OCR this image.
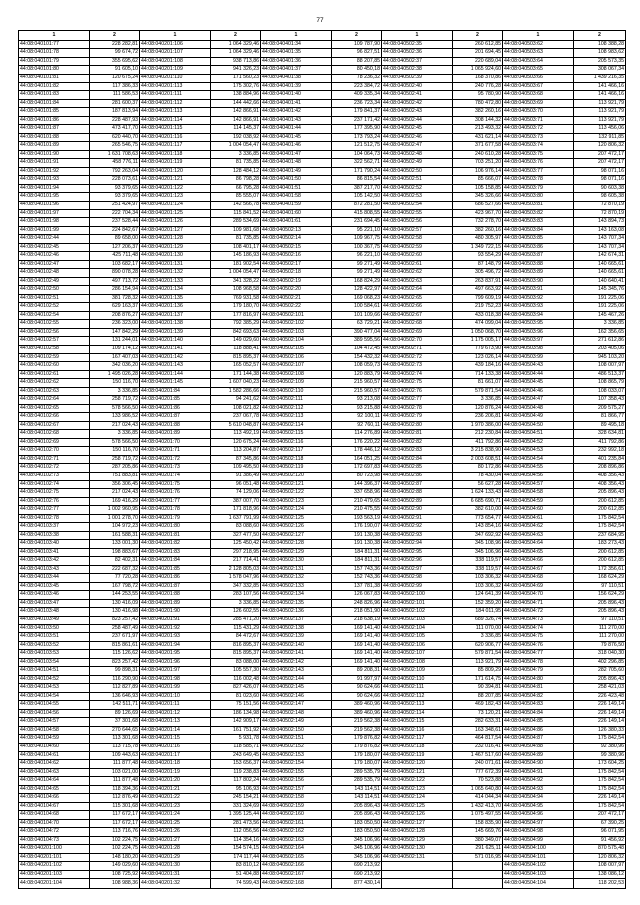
77
1	2	1	2	1	2	1	2	1	2
44:08:040101:77	228 282,81	44:08:040201:106	1 064 329,46	44:08:040401:34	109 787,90	44:08:040502:35	260 612,85	44:08:040503:62	108 388,28
44:08:040101:78	99 674,72	44:08:040201:107	1 064 329,46	44:08:040401:35	96 827,51	44:08:040502:36	201 694,45	44:08:040503:63	108 983,62
44:08:040101:79	355 695,62	44:08:040201:108	938 713,86	44:08:040401:36	88 207,85	44:08:040502:37	220 689,04	44:08:040503:64	205 573,35
44:08:040101:80	91 605,10	44:08:040201:109	941 326,23	44:08:040401:37	80 450,18	44:08:040502:38	1 065 924,60	44:08:040503:65	308 067,34
44:08:040101:81	120 675,24	44:08:040201:110	171 560,23	44:08:040401:38	78 236,32	44:08:040502:39	168 370,86	44:08:040503:66	1 439 216,35
44:08:040101:82	117 386,33	44:08:040201:113	175 302,76	44:08:040401:39	223 384,72	44:08:040502:40	240 776,28	44:08:040503:67	141 466,16
44:08:040101:83	111 586,53	44:08:040201:111	138 884,96	44:08:040401:40	409 335,34	44:08:040502:41	95 780,90	44:08:040503:68	141 466,16
44:08:040101:84	281 600,37	44:08:040201:112	144 442,66	44:08:040401:41	236 723,34	44:08:040502:42	780 472,80	44:08:040503:69	113 921,79
44:08:040101:85	187 813,94	44:08:040201:113	142 866,91	44:08:040401:42	179 841,37	44:08:040502:43	382 260,16	44:08:040503:70	113 921,79
44:08:040101:86	228 487,93	44:08:040201:114	142 866,91	44:08:040401:43	237 171,42	44:08:040502:44	308 144,32	44:08:040503:71	113 921,79
44:08:040101:87	473 417,70	44:08:040201:115	114 145,37	44:08:040401:44	177 395,90	44:08:040502:45	213 493,32	44:08:040503:72	113 456,06
44:08:040101:88	620 440,70	44:08:040201:116	192 038,92	44:08:040401:45	173 793,24	44:08:040502:46	431 621,14	44:08:040503:73	132 911,85
44:08:040101:89	265 546,75	44:08:040201:117	1 004 054,47	44:08:040401:46	121 512,75	44:08:040502:47	371 677,58	44:08:040503:74	120 806,32
44:08:040101:90	1 631 708,63	44:08:040201:118	3 336,85	44:08:040401:47	104 064,73	44:08:040502:48	240 610,28	44:08:040503:75	207 472,17
44:08:040101:91	458 776,11	44:08:040201:119	81 735,85	44:08:040401:48	322 562,71	44:08:040502:49	703 251,20	44:08:040503:76	207 472,17
44:08:040101:92	792 263,04	44:08:040201:120	128 484,12	44:08:040401:49	171 790,24	44:08:040502:50	106 976,14	44:08:040503:77	98 071,16
44:08:040101:93	228 073,61	44:08:040201:121	86 798,28	44:08:040401:50	86 815,54	44:08:040502:51	85 666,07	44:08:040503:78	98 071,16
44:08:040101:94	93 379,65	44:08:040201:122	66 795,28	44:08:040401:51	387 217,70	44:08:040502:52	105 158,85	44:08:040503:79	90 603,38
44:08:040101:95	93 379,65	44:08:040201:123	85 555,07	44:08:040401:58	105 142,50	44:08:040502:53	345 326,66	44:08:040503:80	98 605,38
44:08:040101:96	251 424,97	44:08:040201:124	142 566,78	44:08:040401:59	872 281,50	44:08:040502:54	686 527,66	44:08:040503:81	72 870,19
44:08:040101:97	222 704,34	44:08:040201:125	115 841,52	44:08:040401:60	415 808,55	44:08:040502:55	423 967,70	44:08:040503:82	72 870,19
44:08:040101:98	237 528,44	44:08:040201:126	289 534,69	44:08:040401:61	231 694,45	44:08:040502:56	732 278,70	44:08:040503:83	143 894,73
44:08:040101:99	224 842,67	44:08:040201:127	109 981,68	44:08:040502:13	95 221,10	44:08:040502:57	382 260,16	44:08:040503:84	143 163,08
44:08:040102:44	89 658,00	44:08:040201:128	81 735,85	44:08:040502:14	109 967,75	44:08:040502:58	480 305,97	44:08:040503:85	143 707,34
44:08:040102:45	127 206,37	44:08:040201:129	108 401,17	44:08:040502:15	100 367,75	44:08:040502:59	1 349 722,15	44:08:040503:86	143 707,34
44:08:040102:46	425 711,48	44:08:040201:130	145 186,93	44:08:040502:16	96 221,10	44:08:040502:60	93 554,29	44:08:040503:87	142 674,31
44:08:040102:47	103 682,17	44:08:040201:131	181 902,54	44:08:040502:17	99 271,49	44:08:040502:61	87 148,79	44:08:040503:88	140 665,61
44:08:040102:48	890 078,28	44:08:040201:132	1 004 054,47	44:08:040502:18	99 271,49	44:08:040502:62	305 496,72	44:08:040503:89	140 665,61
44:08:040102:49	497 713,72	44:08:040201:133	341 328,22	44:08:040502:19	168 824,29	44:08:040502:63	263 837,91	44:08:040503:90	140 640,41
44:08:040102:50	286 154,94	44:08:040201:134	108 968,58	44:08:040502:20	128 422,97	44:08:040502:64	497 663,92	44:08:040503:91	145 345,76
44:08:040102:51	381 728,32	44:08:040201:135	769 931,58	44:08:040502:21	169 068,23	44:08:040502:65	799 609,19	44:08:040503:92	191 225,06
44:08:040102:52	629 163,37	44:08:040201:136	179 180,70	44:08:040502:22	100 584,61	44:08:040502:66	219 752,23	44:08:040503:93	191 225,06
44:08:040102:54	208 876,27	44:08:040201:137	177 816,97	44:08:040502:101	101 109,66	44:08:040502:67	433 018,38	44:08:040503:94	145 467,26
44:08:040102:55	236 323,00	44:08:040201:138	792 385,29	44:08:040502:102	63 729,21	44:08:040502:68	474 099,04	44:08:040503:95	3 336,85
44:08:040102:56	147 842,29	44:08:040201:139	842 693,63	44:08:040502:103	390 477,04	44:08:040502:69	1 050 068,70	44:08:040503:96	162 356,65
44:08:040102:57	131 244,01	44:08:040201:140	149 029,60	44:08:040502:104	389 595,56	44:08:040502:70	1 175 005,17	44:08:040503:97	271 612,86
44:08:040102:58	109 174,12	44:08:040201:141	118 888,41	44:08:040502:105	104 472,45	44:08:040502:71	779 673,90	44:08:040503:98	203 405,06
44:08:040102:59	167 407,03	44:08:040201:142	815 895,37	44:08:040502:106	154 432,32	44:08:040502:72	123 026,14	44:08:040503:99	945 103,20
44:08:040102:60	342 036,20	44:08:040201:143	165 052,57	44:08:040502:107	108 059,73	44:08:040502:73	439 184,16	44:08:040504:43	108 007,97
44:08:040102:61	1 495 026,28	44:08:040201:144	171 144,38	44:08:040502:108	120 883,79	44:08:040502:74	714 133,38	44:08:040504:44	486 513,37
44:08:040102:62	150 116,70	44:08:040201:145	1 607 040,23	44:08:040502:109	215 960,57	44:08:040502:75	81 661,07	44:08:040504:45	108 865,79
44:08:040102:63	3 336,85	44:08:040201:84	1 582 286,66	44:08:040502:110	215 960,57	44:08:040502:76	579 871,54	44:08:040504:46	108 033,07
44:08:040102:64	258 719,72	44:08:040201:85	94 241,62	44:08:040502:111	93 213,08	44:08:040502:77	3 336,85	44:08:040504:47	107 358,43
44:08:040102:65	578 566,50	44:08:040201:86	108 021,82	44:08:040502:112	93 215,88	44:08:040502:78	120 876,24	44:08:040504:48	209 575,27
44:08:040102:66	133 986,52	44:08:040201:87	237 067,78	44:08:040502:113	92 100,11	44:08:040502:79	236 206,81	44:08:040504:49	81 866,77
44:08:040102:67	217 024,43	44:08:040201:88	5 610 048,87	44:08:040502:114	92 760,11	44:08:040502:80	1 970 386,00	44:08:040504:50	89 495,18
44:08:040102:68	3 336,85	44:08:040201:89	113 492,19	44:08:040502:115	114 276,89	44:08:040502:81	212 230,84	44:08:040504:51	328 634,81
44:08:040102:69	578 566,50	44:08:040201:70	120 675,24	44:08:040502:116	176 220,22	44:08:040502:82	411 792,86	44:08:040504:52	411 792,86
44:08:040102:70	150 116,70	44:08:040201:71	113 204,87	44:08:040502:117	178 446,12	44:08:040502:83	3 215 838,90	44:08:040504:53	232 992,18
44:08:040102:71	258 719,72	44:08:040201:72	87 345,86	44:08:040502:118	164 051,25	44:08:040502:84	2 003 608,51	44:08:040504:54	401 235,84
44:08:040102:72	287 205,86	44:08:040201:73	109 495,50	44:08:040502:119	172 697,83	44:08:040502:85	80 172,86	44:08:040504:55	208 896,86
44:08:040102:73	751 883,81	44:08:040201:74	91 386,49	44:08:040502:120	80 723,98	44:08:040502:86	78 430,04	44:08:040504:56	408 356,43
44:08:040102:74	356 306,45	44:08:040201:75	96 051,48	44:08:040502:121	144 396,37	44:08:040502:87	56 627,28	44:08:040504:57	408 356,43
44:08:040102:75	217 024,43	44:08:040201:76	74 129,06	44:08:040502:122	337 658,96	44:08:040502:88	1 624 133,43	44:08:040504:58	205 896,43
44:08:040102:76	169 416,29	44:08:040201:77	387 007,70	44:08:040502:123	210 479,65	44:08:040502:89	6 685 690,71	44:08:040504:59	200 612,85
44:08:040102:77	1 002 960,95	44:08:040201:78	171 818,96	44:08:040502:124	210 475,55	44:08:040502:90	382 610,00	44:08:040504:60	200 612,85
44:08:040102:78	1 001 278,70	44:08:040201:79	1 637 791,99	44:08:040502:125	193 563,19	44:08:040502:91	773 654,77	44:08:040504:61	175 842,54
44:08:040103:37	104 972,23	44:08:040201:80	83 088,60	44:08:040502:126	176 190,07	44:08:040502:92	143 854,16	44:08:040504:62	175 842,54
44:08:040103:38	161 588,31	44:08:040201:81	327 477,50	44:08:040502:127	191 130,38	44:08:040502:93	347 692,92	44:08:040504:63	237 684,95
44:08:040103:40	133 001,30	44:08:040201:82	125 450,42	44:08:040502:128	191 130,38	44:08:040502:94	345 108,96	44:08:040504:64	183 273,43
44:08:040103:41	198 883,67	44:08:040201:83	297 218,95	44:08:040502:129	184 811,31	44:08:040502:95	345 106,96	44:08:040504:65	200 612,85
44:08:040103:42	82 402,31	44:08:040201:84	217 714,41	44:08:040502:130	184 811,31	44:08:040502:96	338 119,57	44:08:040504:66	200 612,85
44:08:040103:43	222 687,32	44:08:040201:85	2 128 805,03	44:08:040502:131	157 743,36	44:08:040502:97	338 119,57	44:08:040504:67	172 356,61
44:08:040103:44	77 720,28	44:08:040201:86	1 578 047,96	44:08:040502:132	152 743,36	44:08:040502:98	103 306,32	44:08:040504:68	168 624,29
44:08:040103:45	167 798,72	44:08:040201:87	347 332,85	44:08:040502:133	137 781,38	44:08:040502:99	103 306,32	44:08:040504:69	97 110,51
44:08:040103:46	144 253,55	44:08:040201:88	283 107,56	44:08:040502:134	126 067,83	44:08:040502:100	124 641,39	44:08:040504:70	156 624,29
44:08:040103:47	130 416,09	44:08:040201:89	3 336,85	44:08:040502:135	248 826,96	44:08:040502:101	152 359,20	44:08:040504:71	205 896,43
44:08:040103:48	130 416,98	44:08:040201:90	126 602,55	44:08:040502:136	218 051,90	44:08:040502:102	184 011,95	44:08:040504:72	205 896,43
44:08:040103:49	823 257,42	44:08:040201:91	285 471,20	44:08:040502:137	218 638,19	44:08:040502:103	689 326,74	44:08:040504:73	97 110,51
44:08:040103:50	258 487,49	44:08:040201:92	115 431,29	44:08:040502:138	169 141,40	44:08:040502:104	111 070,00	44:08:040504:74	111 270,00
44:08:040103:51	237 671,97	44:08:040201:93	84 472,67	44:08:040502:139	169 141,40	44:08:040502:105	3 336,85	44:08:040504:75	111 270,00
44:08:040103:52	815 861,61	44:08:040201:94	816 895,37	44:08:040502:140	169 141,40	44:08:040502:106	620 906,77	44:08:040504:76	79 876,50
44:08:040103:53	115 126,62	44:08:040201:95	815 895,37	44:08:040502:141	169 141,40	44:08:040502:107	579 871,54	44:08:040504:77	318 040,30
44:08:040103:54	823 257,42	44:08:040201:96	83 088,00	44:08:040502:142	169 141,40	44:08:040502:108	113 921,79	44:08:040504:78	402 296,85
44:08:040104:51	99 898,31	44:08:040201:97	105 557,30	44:08:040502:143	89 208,31	44:08:040502:109	85 809,29	44:08:040504:79	282 705,60
44:08:040104:52	116 290,90	44:08:040201:98	116 002,48	44:08:040502:144	91 997,97	44:08:040502:110	171 614,75	44:08:040504:80	205 896,43
44:08:040104:53	112 827,89	44:08:040201:99	827 426,07	44:08:040502:145	90 624,66	44:08:040502:111	90 394,81	44:08:040504:81	258 421,03
44:08:040104:54	136 646,93	44:08:040201:10	81 023,60	44:08:040502:146	90 624,66	44:08:040502:112	88 207,85	44:08:040504:82	226 423,48
44:08:040104:55	142 511,71	44:08:040201:11	75 151,56	44:08:040502:147	389 460,96	44:08:040502:113	469 182,43	44:08:040504:83	226 149,14
44:08:040104:56	89 126,69	44:08:040201:12	186 134,98	44:08:040502:148	389 460,96	44:08:040502:114	73 120,21	44:08:040504:84	226 149,14
44:08:040104:57	37 301,68	44:08:040201:13	142 909,17	44:08:040502:149	219 562,38	44:08:040502:115	282 633,31	44:08:040504:85	226 149,14
44:08:040104:58	270 644,65	44:08:040201:14	161 751,92	44:08:040502:150	219 562,38	44:08:040502:116	163 348,61	44:08:040504:86	126 380,33
44:08:040104:59	113 301,68	44:08:040201:15	5 931,78	44:08:040502:151	179 876,82	44:08:040502:117	464 817,54	44:08:040504:87	175 842,54
44:08:040104:60	113 715,78	44:08:040201:16	118 585,71	44:08:040502:152	179 876,82	44:08:040502:118	232 016,41	44:08:040504:88	92 380,96
44:08:040104:61	109 443,63	44:08:040201:17	243 649,45	44:08:040502:153	179 180,07	44:08:040502:119	1 467 517,60	44:08:040504:89	99 380,96
44:08:040104:62	111 877,48	44:08:040201:18	153 656,37	44:08:040502:154	179 180,07	44:08:040502:120	240 071,61	44:08:040504:90	173 604,25
44:08:040104:63	103 021,00	44:08:040201:19	119 238,83	44:08:040502:155	289 535,79	44:08:040502:121	777 672,39	44:08:040504:91	175 842,54
44:08:040104:64	111 877,48	44:08:040201:20	117 802,24	44:08:040502:156	289 535,79	44:08:040502:122	70 523,88	44:08:040504:92	175 842,54
44:08:040104:65	118 394,36	44:08:040201:21	95 106,93	44:08:040502:157	143 114,51	44:08:040502:123	1 065 640,80	44:08:040504:93	175 842,54
44:08:040104:66	112 876,49	44:08:040201:22	245 154,21	44:08:040502:158	143 114,51	44:08:040502:124	414 044,34	44:08:040504:94	226 149,14
44:08:040104:67	115 301,68	44:08:040201:23	331 324,69	44:08:040502:159	205 896,43	44:08:040502:125	1 432 413,70	44:08:040504:95	175 842,54
44:08:040104:68	117 672,17	44:08:040201:24	1 395 125,44	44:08:040502:160	205 896,43	44:08:040502:126	1 075 497,55	44:08:040504:96	207 472,17
44:08:040104:70	117 672,17	44:08:040201:25	281 473,56	44:08:040502:161	183 050,50	44:08:040502:127	158 835,90	44:08:040504:97	67 390,25
44:08:040104:72	113 716,76	44:08:040201:26	112 056,56	44:08:040502:162	183 050,50	44:08:040502:128	145 669,76	44:08:040504:98	96 071,95
44:08:040104:73	102 224,75	44:08:040201:27	114 354,16	44:08:040502:163	345 106,96	44:08:040502:129	380 349,07	44:08:040504:99	91 456,92
44:08:040201:100	102 224,75	44:08:040201:28	154 574,15	44:08:040502:164	345 106,96	44:08:040502:130	291 625,11	44:08:040504:100	870 575,48
44:08:040201:101	148 180,20	44:08:040201:29	174 117,44	44:08:040502:165	345 106,96	44:08:040502:131	571 016,95	44:08:040504:101	120 806,32
44:08:040201:102	149 029,60	44:08:040201:30	83 810,12	44:08:040502:166	690 213,92			44:08:040504:102	108 007,97
44:08:040201:103	108 725,92	44:08:040201:31	51 404,88	44:08:040502:167	690 213,92			44:08:040504:103	138 086,12
44:08:040201:104	108 988,36	44:08:040201:32	74 599,43	44:08:040502:168	877 430,14			44:08:040504:104	118 202,53
